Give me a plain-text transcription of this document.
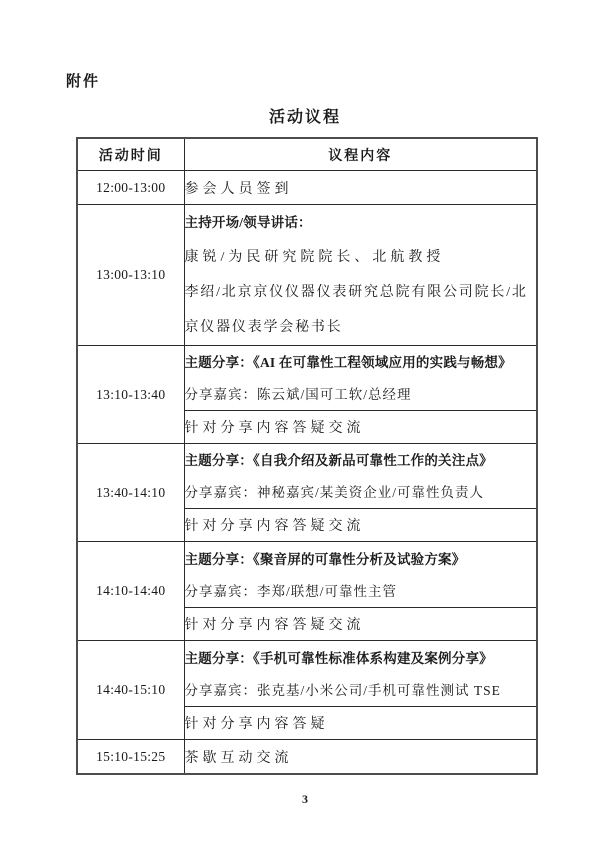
附件
活动议程
活动时间	议程内容
12:00-13:00	参会人员签到
13:00-13:10	主持开场/领导讲话：
康锐/为民研究院院长、北航教授
李绍/北京京仪仪器仪表研究总院有限公司院长/北京仪器仪表学会秘书长

13:10-13:40	主题分享：《AI 在可靠性工程领域应用的实践与畅想》
分享嘉宾：陈云斌/国可工软/总经理

	针对分享内容答疑交流
13:40-14:10	主题分享：《自我介绍及新品可靠性工作的关注点》
分享嘉宾：神秘嘉宾/某美资企业/可靠性负责人

	针对分享内容答疑交流
14:10-14:40	主题分享：《聚音屏的可靠性分析及试验方案》
分享嘉宾：李郑/联想/可靠性主管

	针对分享内容答疑交流
14:40-15:10	主题分享：《手机可靠性标准体系构建及案例分享》
分享嘉宾：张克基/小米公司/手机可靠性测试 TSE

	针对分享内容答疑
15:10-15:25	茶歇互动交流
3
